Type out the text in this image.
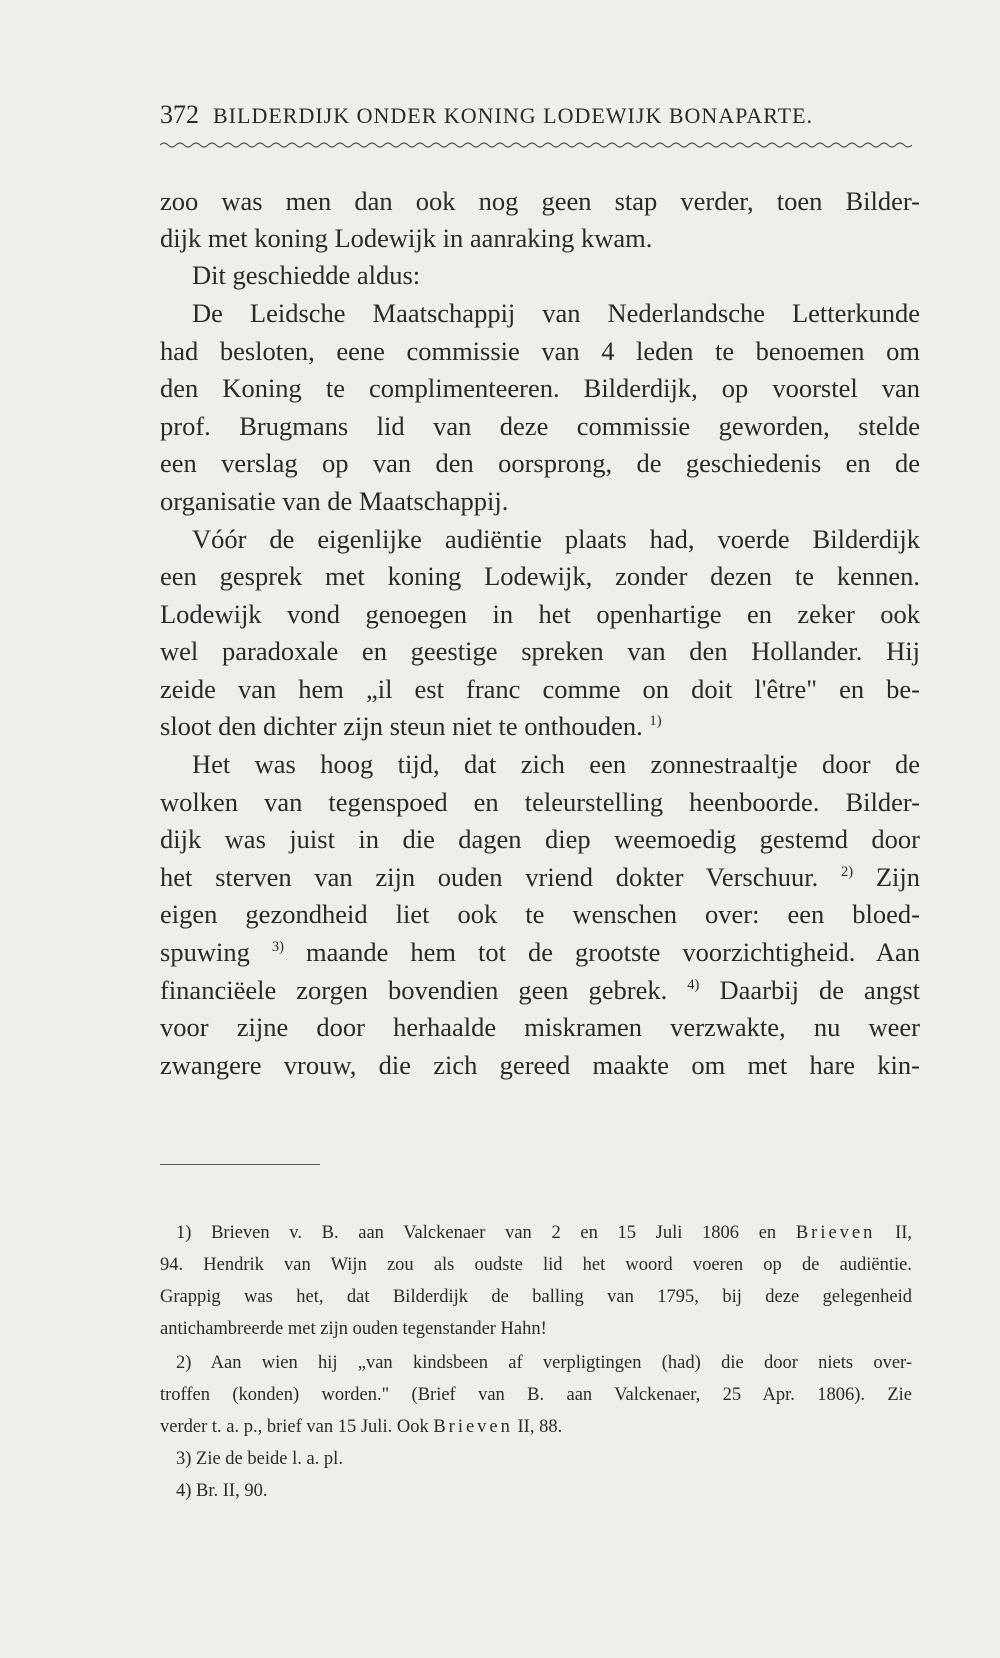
372 BILDERDIJK ONDER KONING LODEWIJK BONAPARTE.
zoo was men dan ook nog geen stap verder, toen Bilder-
dijk met koning Lodewijk in aanraking kwam.
Dit geschiedde aldus:
De Leidsche Maatschappij van Nederlandsche Letterkunde
had besloten, eene commissie van 4 leden te benoemen om
den Koning te complimenteeren. Bilderdijk, op voorstel van
prof. Brugmans lid van deze commissie geworden, stelde
een verslag op van den oorsprong, de geschiedenis en de
organisatie van de Maatschappij.
Vóór de eigenlijke audiëntie plaats had, voerde Bilderdijk
een gesprek met koning Lodewijk, zonder dezen te kennen.
Lodewijk vond genoegen in het openhartige en zeker ook
wel paradoxale en geestige spreken van den Hollander. Hij
zeide van hem „il est franc comme on doit l'être" en be-
sloot den dichter zijn steun niet te onthouden. $^{1)}$
Het was hoog tijd, dat zich een zonnestraaltje door de
wolken van tegenspoed en teleurstelling heenboorde. Bilder-
dijk was juist in die dagen diep weemoedig gestemd door
het sterven van zijn ouden vriend dokter Verschuur. $^{2)}$ Zijn
eigen gezondheid liet ook te wenschen over: een bloed-
spuwing $^{3)}$ maande hem tot de grootste voorzichtigheid. Aan
financiëele zorgen bovendien geen gebrek. $^{4)}$ Daarbij de angst
voor zijne door herhaalde miskramen verzwakte, nu weer
zwangere vrouw, die zich gereed maakte om met hare kin-
1) Brieven v. B. aan Valckenaer van 2 en 15 Juli 1806 en Brieven II,
94. Hendrik van Wijn zou als oudste lid het woord voeren op de audiëntie.
Grappig was het, dat Bilderdijk de balling van 1795, bij deze gelegenheid
antichambreerde met zijn ouden tegenstander Hahn!
2) Aan wien hij „van kindsbeen af verpligtingen (had) die door niets over-
troffen (konden) worden." (Brief van B. aan Valckenaer, 25 Apr. 1806). Zie
verder t. a. p., brief van 15 Juli. Ook Brieven II, 88.
3) Zie de beide l. a. pl.
4) Br. II, 90.
